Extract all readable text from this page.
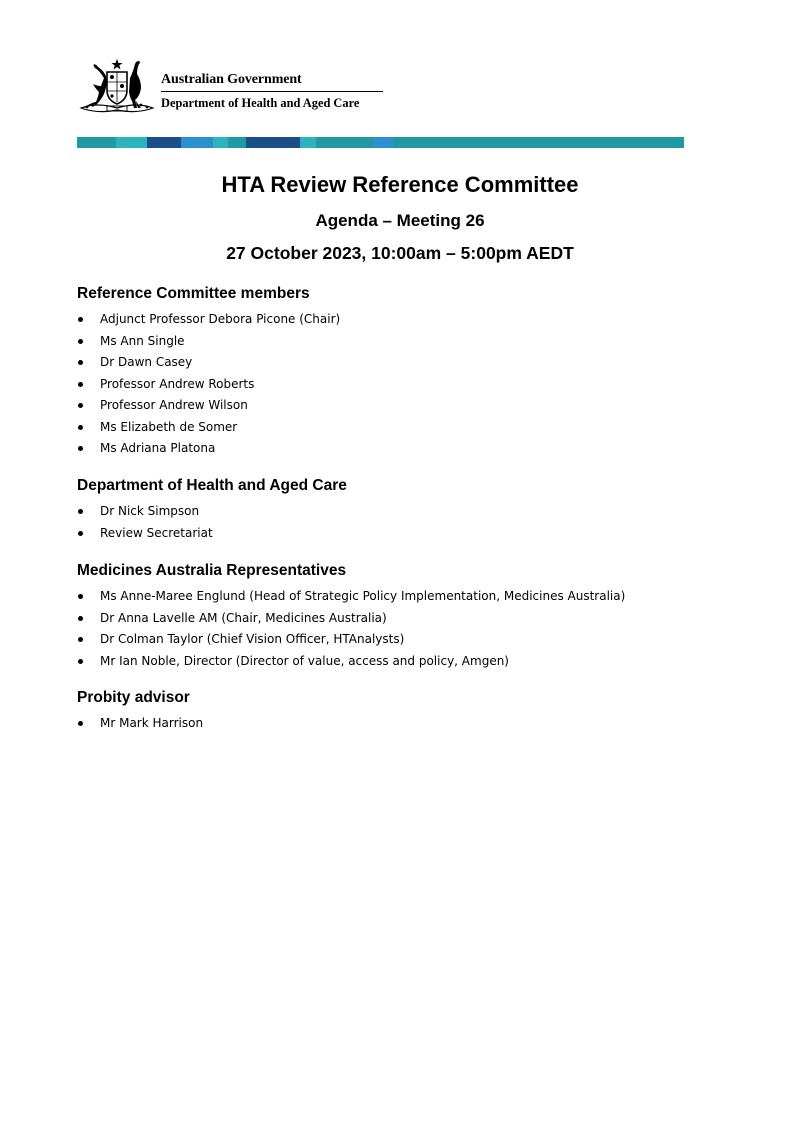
Australian Government
Department of Health and Aged Care
HTA Review Reference Committee
Agenda – Meeting 26
27 October 2023, 10:00am – 5:00pm AEDT
Reference Committee members
Adjunct Professor Debora Picone (Chair)
Ms Ann Single
Dr Dawn Casey
Professor Andrew Roberts
Professor Andrew Wilson
Ms Elizabeth de Somer
Ms Adriana Platona
Department of Health and Aged Care
Dr Nick Simpson
Review Secretariat
Medicines Australia Representatives
Ms Anne-Maree Englund (Head of Strategic Policy Implementation, Medicines Australia)
Dr Anna Lavelle AM (Chair, Medicines Australia)
Dr Colman Taylor (Chief Vision Officer, HTAnalysts)
Mr Ian Noble, Director (Director of value, access and policy, Amgen)
Probity advisor
Mr Mark Harrison
